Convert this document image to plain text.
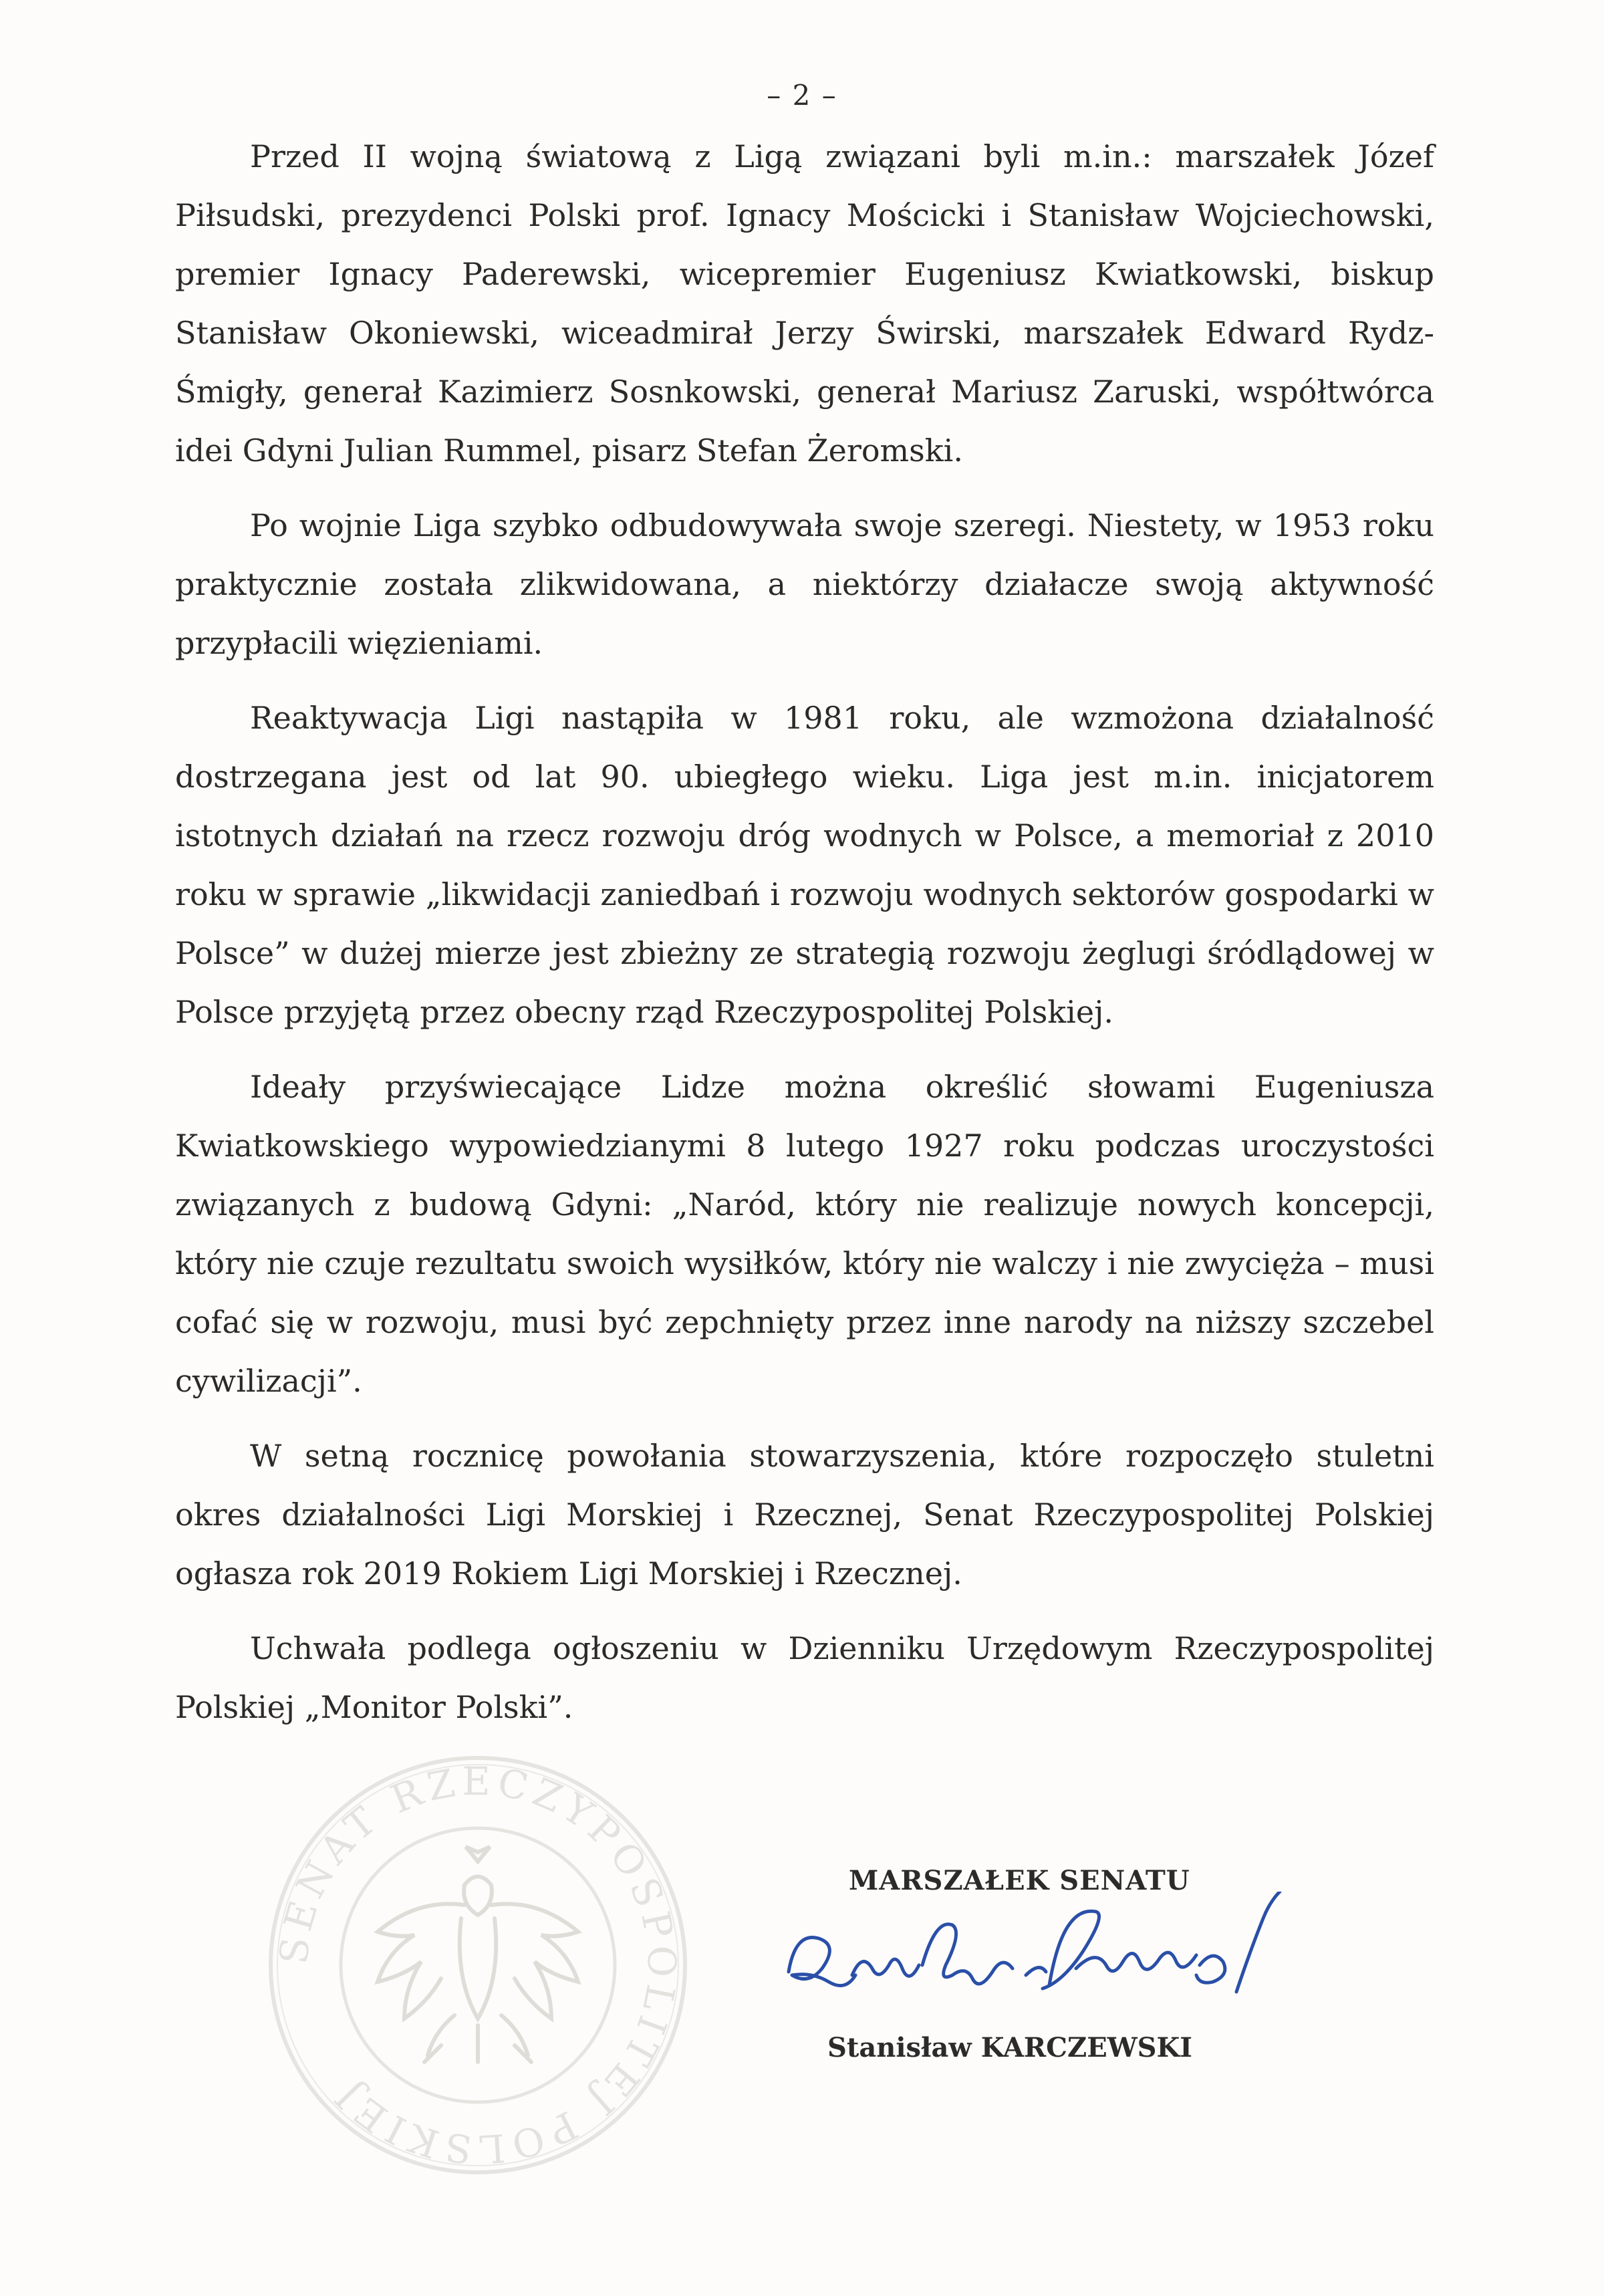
– 2 –

Przed II wojną światową z Ligą związani byli m.in.: marszałek Józef Piłsudski, prezydenci Polski prof. Ignacy Mościcki i Stanisław Wojciechowski, premier Ignacy Paderewski, wicepremier Eugeniusz Kwiatkowski, biskup Stanisław Okoniewski, wiceadmirał Jerzy Świrski, marszałek Edward Rydz-Śmigły, generał Kazimierz Sosnkowski, generał Mariusz Zaruski, współtwórca idei Gdyni Julian Rummel, pisarz Stefan Żeromski.

Po wojnie Liga szybko odbudowywała swoje szeregi. Niestety, w 1953 roku praktycznie została zlikwidowana, a niektórzy działacze swoją aktywność przypłacili więzieniami.

Reaktywacja Ligi nastąpiła w 1981 roku, ale wzmożona działalność dostrzegana jest od lat 90. ubiegłego wieku. Liga jest m.in. inicjatorem istotnych działań na rzecz rozwoju dróg wodnych w Polsce, a memoriał z 2010 roku w sprawie „likwidacji zaniedbań i rozwoju wodnych sektorów gospodarki w Polsce” w dużej mierze jest zbieżny ze strategią rozwoju żeglugi śródlądowej w Polsce przyjętą przez obecny rząd Rzeczypospolitej Polskiej.

Ideały przyświecające Lidze można określić słowami Eugeniusza Kwiatkowskiego wypowiedzianymi 8 lutego 1927 roku podczas uroczystości związanych z budową Gdyni: „Naród, który nie realizuje nowych koncepcji, który nie czuje rezultatu swoich wysiłków, który nie walczy i nie zwycięża – musi cofać się w rozwoju, musi być zepchnięty przez inne narody na niższy szczebel cywilizacji”.

W setną rocznicę powołania stowarzyszenia, które rozpoczęło stuletni okres działalności Ligi Morskiej i Rzecznej, Senat Rzeczypospolitej Polskiej ogłasza rok 2019 Rokiem Ligi Morskiej i Rzecznej.

Uchwała podlega ogłoszeniu w Dzienniku Urzędowym Rzeczypospolitej Polskiej „Monitor Polski”.

SENAT RZECZYPOSPOLITEJ POLSKIEJ
MARSZAŁEK SENATU
Stanisław KARCZEWSKI
